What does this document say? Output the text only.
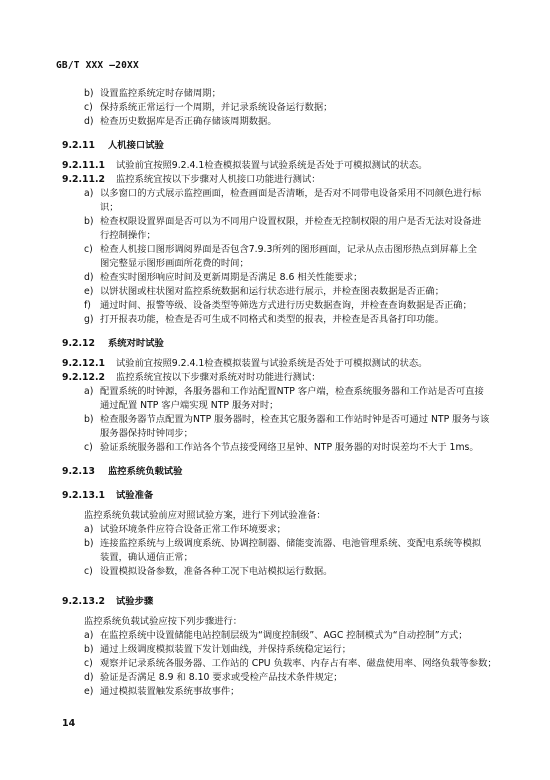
GB/T XXX —20XX
b) 设置监控系统定时存储周期；
c) 保持系统正常运行一个周期，并记录系统设备运行数据；
d) 检查历史数据库是否正确存储该周期数据。
9.2.11 人机接口试验
9.2.11.1 试验前宜按照9.2.4.1检查模拟装置与试验系统是否处于可模拟测试的状态。
9.2.11.2 监控系统宜按以下步骤对人机接口功能进行测试：
a) 以多窗口的方式展示监控画面，检查画面是否清晰，是否对不同带电设备采用不同颜色进行标
识；
b) 检查权限设置界面是否可以为不同用户设置权限，并检查无控制权限的用户是否无法对设备进
行控制操作；
c) 检查人机接口图形调阅界面是否包含7.9.3所列的图形画面，记录从点击图形热点到屏幕上全
图完整显示图形画面所花费的时间；
d) 检查实时图形响应时间及更新周期是否满足 8.6 相关性能要求；
e) 以饼状图或柱状图对监控系统数据和运行状态进行展示，并检查图表数据是否正确；
f) 通过时间、报警等级、设备类型等筛选方式进行历史数据查询，并检查查询数据是否正确；
g) 打开报表功能，检查是否可生成不同格式和类型的报表，并检查是否具备打印功能。
9.2.12 系统对时试验
9.2.12.1 试验前宜按照9.2.4.1检查模拟装置与试验系统是否处于可模拟测试的状态。
9.2.12.2 监控系统宜按以下步骤对系统对时功能进行测试：
a) 配置系统的时钟源，各服务器和工作站配置NTP 客户端，检查系统服务器和工作站是否可直接
通过配置 NTP 客户端实现 NTP 服务对时；
b) 检查服务器节点配置为NTP 服务器时，检查其它服务器和工作站时钟是否可通过 NTP 服务与该
服务器保持时钟同步；
c) 验证系统服务器和工作站各个节点接受网络卫星钟、NTP 服务器的对时误差均不大于 1ms。
9.2.13 监控系统负载试验
9.2.13.1 试验准备
监控系统负载试验前应对照试验方案，进行下列试验准备：
a) 试验环境条件应符合设备正常工作环境要求；
b) 连接监控系统与上级调度系统、协调控制器、储能变流器、电池管理系统、变配电系统等模拟
装置，确认通信正常；
c) 设置模拟设备参数，准备各种工况下电站模拟运行数据。
9.2.13.2 试验步骤
监控系统负载试验应按下列步骤进行：
a) 在监控系统中设置储能电站控制层级为“调度控制级”、AGC 控制模式为“自动控制”方式；
b) 通过上级调度模拟装置下发计划曲线，并保持系统稳定运行；
c) 观察并记录系统各服务器、工作站的 CPU 负载率、内存占有率、磁盘使用率、网络负载等参数；
d) 验证是否满足 8.9 和 8.10 要求或受检产品技术条件规定；
e) 通过模拟装置触发系统事故事件；
14
